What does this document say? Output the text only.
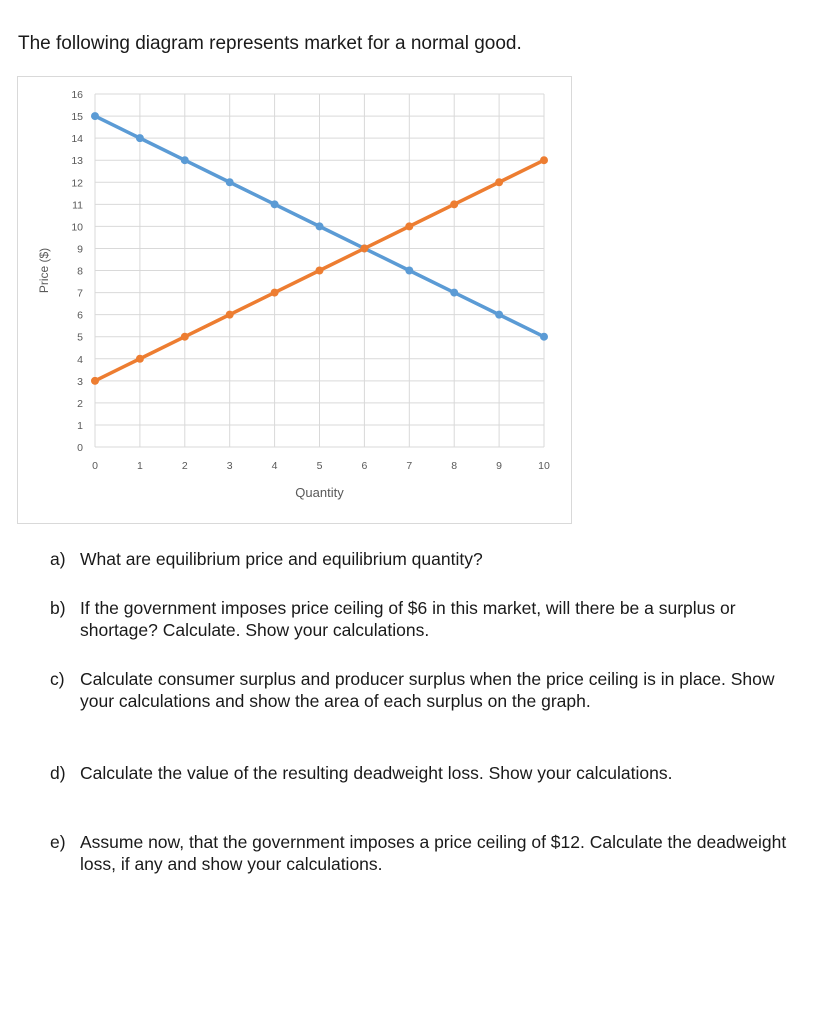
The following diagram represents market for a normal good.
0
1
2
3
4
5
6
7
8
9
10
11
12
13
14
15
16
0	1	2	3	4	5	6	7	8	9	10
Quantity
Price ($)
a) What are equilibrium price and equilibrium quantity?
b) If the government imposes price ceiling of $6 in this market, will there be a surplus or shortage? Calculate. Show your calculations.
c) Calculate consumer surplus and producer surplus when the price ceiling is in place. Show your calculations and show the area of each surplus on the graph.
d) Calculate the value of the resulting deadweight loss. Show your calculations.
e) Assume now, that the government imposes a price ceiling of $12. Calculate the deadweight loss, if any and show your calculations.
